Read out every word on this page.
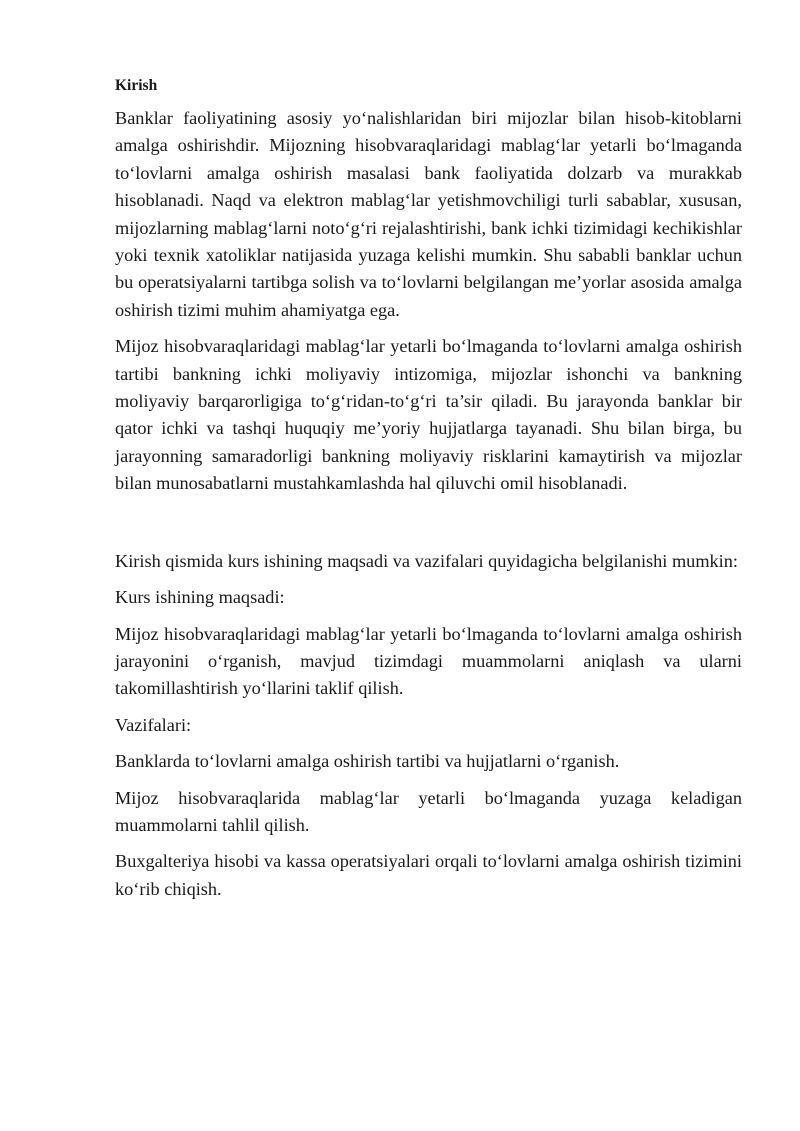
Kirish

Banklar faoliyatining asosiy yo‘nalishlaridan biri mijozlar bilan hisob-kitoblarni amalga oshirishdir. Mijozning hisobvaraqlaridagi mablag‘lar yetarli bo‘lmaganda to‘lovlarni amalga oshirish masalasi bank faoliyatida dolzarb va murakkab hisoblanadi. Naqd va elektron mablag‘lar yetishmovchiligi turli sabablar, xususan, mijozlarning mablag‘larni noto‘g‘ri rejalashtirishi, bank ichki tizimidagi kechikishlar yoki texnik xatoliklar natijasida yuzaga kelishi mumkin. Shu sababli banklar uchun bu operatsiyalarni tartibga solish va to‘lovlarni belgilangan me’yorlar asosida amalga oshirish tizimi muhim ahamiyatga ega.

Mijoz hisobvaraqlaridagi mablag‘lar yetarli bo‘lmaganda to‘lovlarni amalga oshirish tartibi bankning ichki moliyaviy intizomiga, mijozlar ishonchi va bankning moliyaviy barqarorligiga to‘g‘ridan-to‘g‘ri ta’sir qiladi. Bu jarayonda banklar bir qator ichki va tashqi huquqiy me’yoriy hujjatlarga tayanadi. Shu bilan birga, bu jarayonning samaradorligi bankning moliyaviy risklarini kamaytirish va mijozlar bilan munosabatlarni mustahkamlashda hal qiluvchi omil hisoblanadi.

Kirish qismida kurs ishining maqsadi va vazifalari quyidagicha belgilanishi mumkin:

Kurs ishining maqsadi:

Mijoz hisobvaraqlaridagi mablag‘lar yetarli bo‘lmaganda to‘lovlarni amalga oshirish jarayonini o‘rganish, mavjud tizimdagi muammolarni aniqlash va ularni takomillashtirish yo‘llarini taklif qilish.

Vazifalari:

Banklarda to‘lovlarni amalga oshirish tartibi va hujjatlarni o‘rganish.

Mijoz hisobvaraqlarida mablag‘lar yetarli bo‘lmaganda yuzaga keladigan muammolarni tahlil qilish.

Buxgalteriya hisobi va kassa operatsiyalari orqali to‘lovlarni amalga oshirish tizimini ko‘rib chiqish.
